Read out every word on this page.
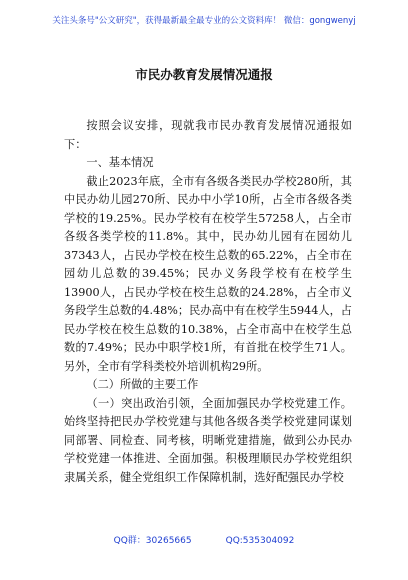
关注头条号"公文研究"，获得最新最全最专业的公文资料库！ 微信：gongwenyj
市民办教育发展情况通报

按照会议安排，现就我市民办教育发展情况通报如下：

一、基本情况

截止2023年底，全市有各级各类民办学校280所，其中民办幼儿园270所、民办中小学10所，占全市各级各类学校的19.25%。民办学校有在校学生57258人，占全市各级各类学校的11.8%。其中，民办幼儿园有在园幼儿37343人，占民办学校在校生总数的65.22%，占全市在园幼儿总数的39.45%；民办义务段学校有在校学生13900人，占民办学校在校生总数的24.28%，占全市义务段学生总数的4.48%；民办高中有在校学生5944人，占民办学校在校生总数的10.38%，占全市高中在校学生总数的7.49%；民办中职学校1所，有首批在校学生71人。另外，全市有学科类校外培训机构29所。

（二）所做的主要工作

（一）突出政治引领，全面加强民办学校党建工作。始终坚持把民办学校党建与其他各级各类学校党建同谋划同部署、同检查、同考核，明晰党建措施，做到公办民办学校党建一体推进、全面加强。积极理顺民办学校党组织隶属关系，健全党组织工作保障机制，选好配强民办学校

QQ群：30265665	QQ:535304092
